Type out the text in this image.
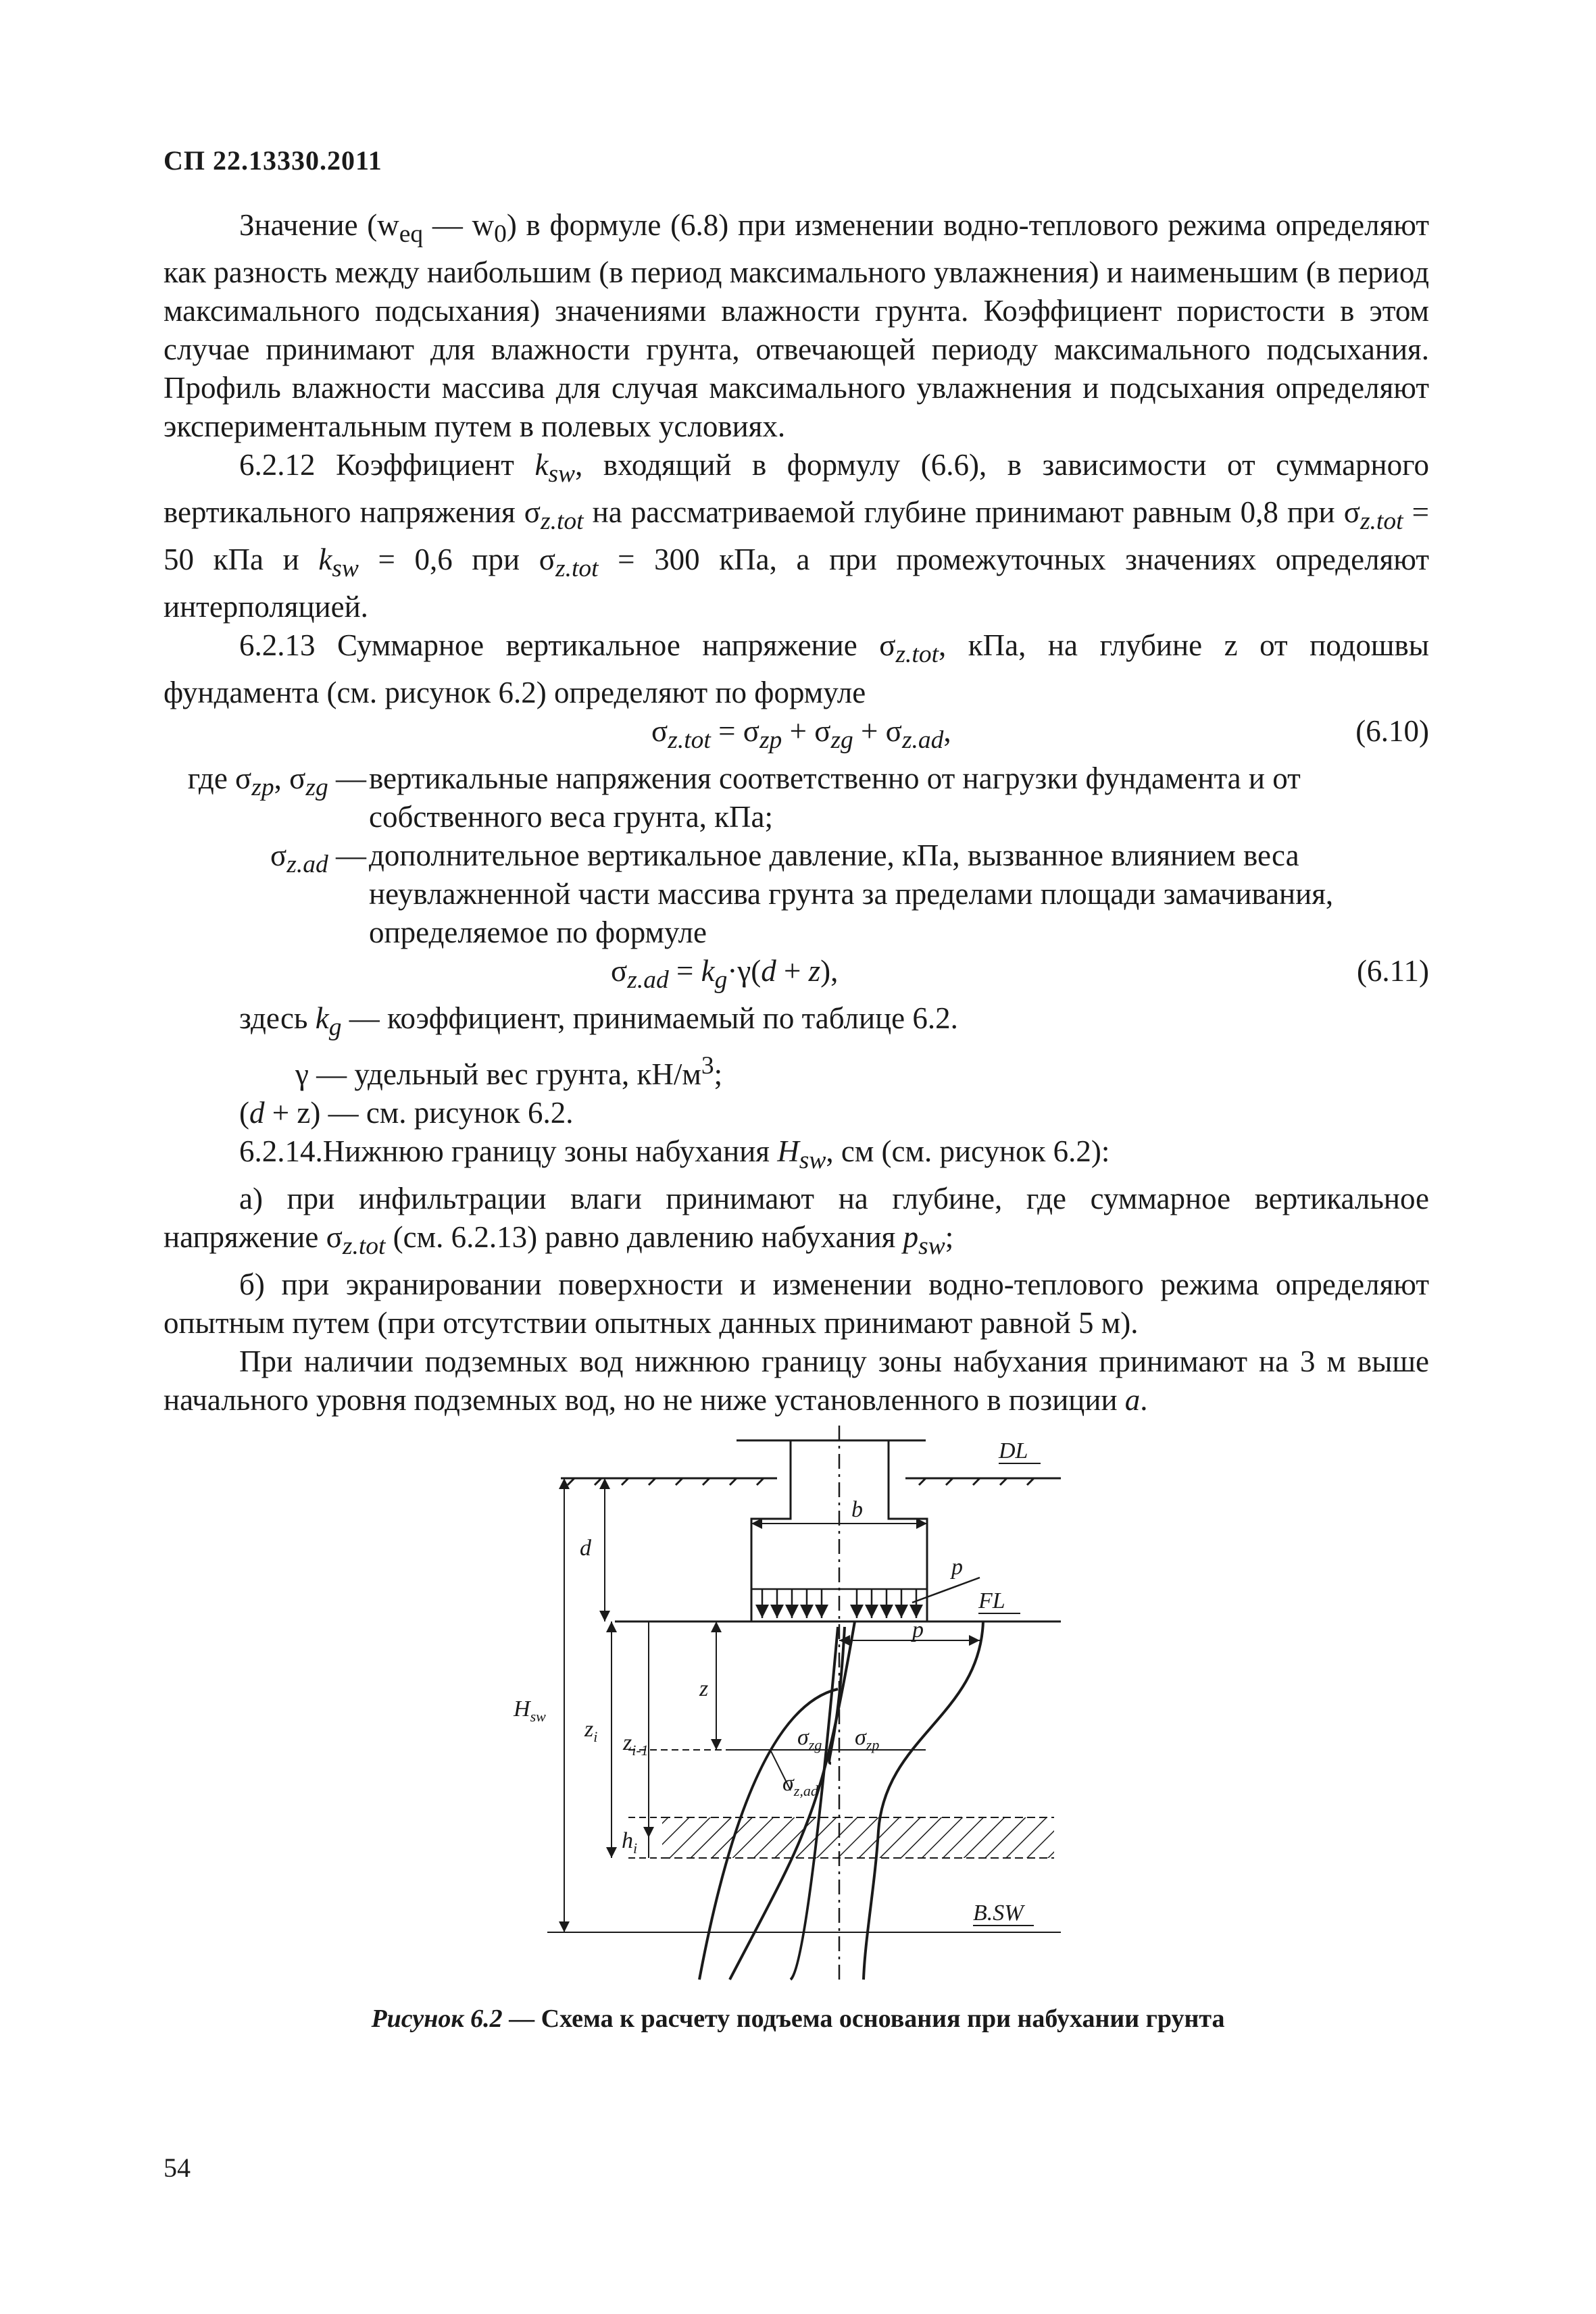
СП 22.13330.2011

Значение ($w_{eq}$ — $w_0$) в формуле (6.8) при изменении водно-теплового режима определяют как разность между наибольшим (в период максимального увлажнения) и наименьшим (в период максимального подсыхания) значениями влажности грунта. Коэффициент пористости в этом случае принимают для влажности грунта, отвечающей периоду максимального подсыхания. Профиль влажности массива для случая максимального увлажнения и подсыхания определяют экспериментальным путем в полевых условиях.

6.2.12 Коэффициент $k_{sw}$, входящий в формулу (6.6), в зависимости от суммарного вертикального напряжения $\sigma_{z.tot}$ на рассматриваемой глубине принимают равным 0,8 при $\sigma_{z.tot} = 50$ кПа и $k_{sw} = 0,6$ при $\sigma_{z.tot} = 300$ кПа, а при промежуточных значениях определяют интерполяцией.

6.2.13 Суммарное вертикальное напряжение $\sigma_{z.tot}$, кПа, на глубине z от подошвы фундамента (см. рисунок 6.2) определяют по формуле

$\sigma_{z.tot} = \sigma_{zp} + \sigma_{zg} + \sigma_{z.ad}$,	(6.10)
где $\sigma_{zp}$, $\sigma_{zg}$ — вертикальные напряжения соответственно от нагрузки фундамента и от собственного веса грунта, кПа;
$\sigma_{z.ad}$ — дополнительное вертикальное давление, кПа, вызванное влиянием веса неувлажненной части массива грунта за пределами площади замачивания, определяемое по формуле
$\sigma_{z.ad} = k_g\cdot\gamma(d + z)$,	(6.11)
здесь $k_g$ — коэффициент, принимаемый по таблице 6.2.
γ — удельный вес грунта, $кН/м^3$;
(d + z) — см. рисунок 6.2.

6.2.14.Нижнюю границу зоны набухания $H_{sw}$, см (см. рисунок 6.2):

а) при инфильтрации влаги принимают на глубине, где суммарное вертикальное напряжение $\sigma_{z.tot}$ (см. 6.2.13) равно давлению набухания $p_{sw}$;

б) при экранировании поверхности и изменении водно-теплового режима определяют опытным путем (при отсутствии опытных данных принимают равной 5 м).

При наличии подземных вод нижнюю границу зоны набухания принимают на 3 м выше начального уровня подземных вод, но не ниже установленного в позиции а.

DL
FL
B.SW
d
b
p
p
z
$H_{sw}$
$z_i$ $z_{i-1}$
$h_i$
$\sigma_{zg}$ $\sigma_{zp}$
$\sigma_{z,ad}$
Рисунок 6.2 — Схема к расчету подъема основания при набухании грунта
54
